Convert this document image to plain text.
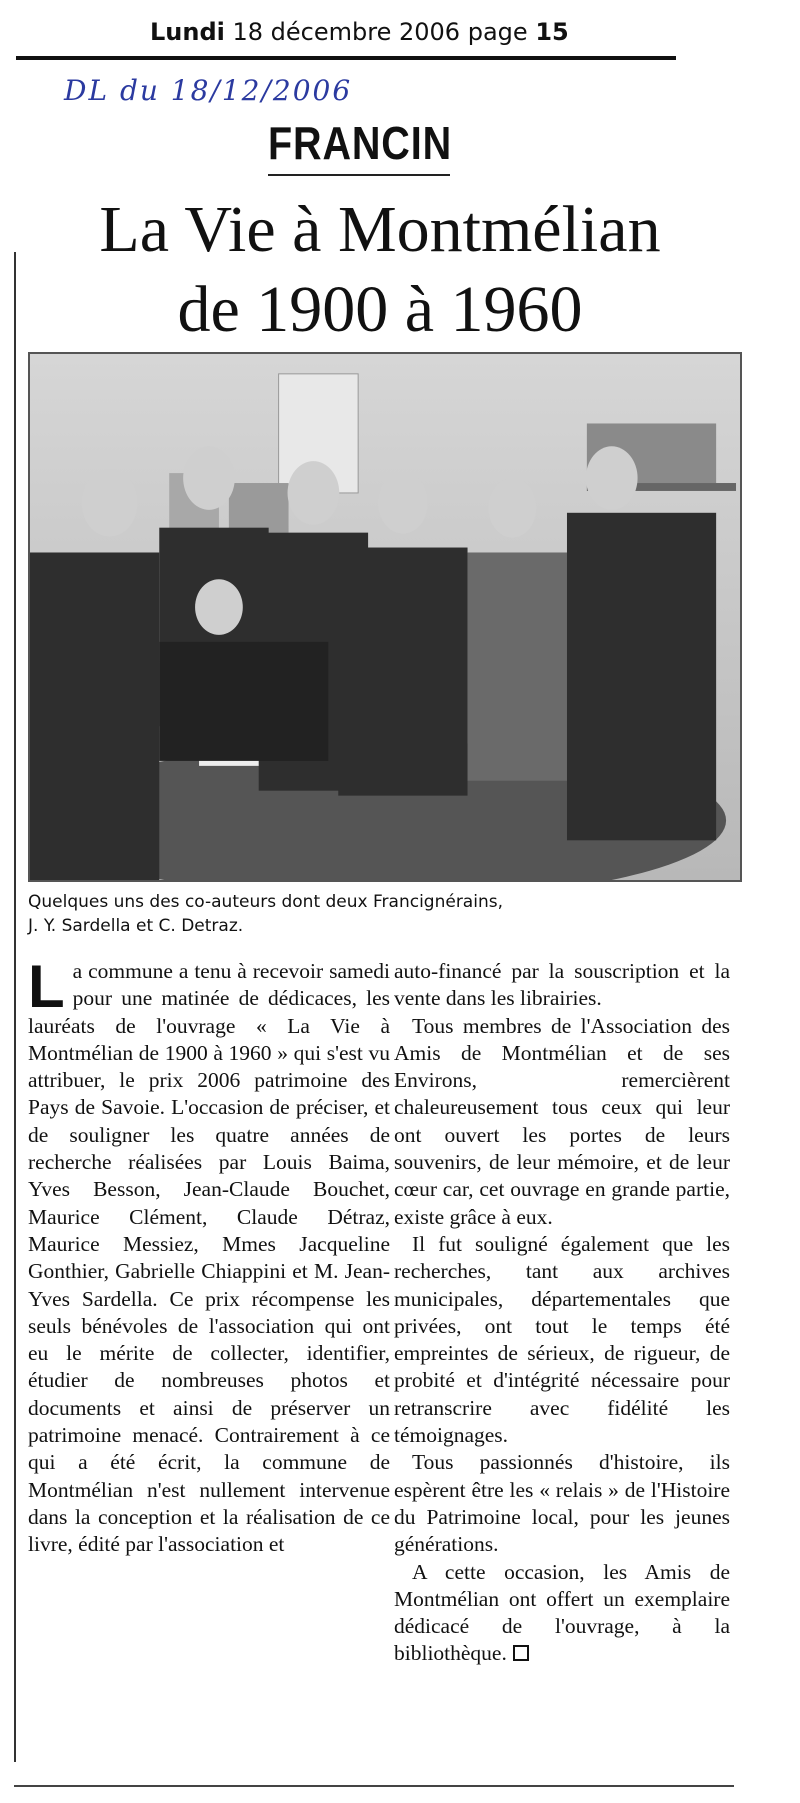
Lundi 18 décembre 2006 page 15
DL du 18/12/2006
FRANCIN
La Vie à Montmélian
de 1900 à 1960
Quelques uns des co-auteurs dont deux Francignérains,
J. Y. Sardella et C. Detraz.
L a commune a tenu à recevoir samedi pour une matinée de dédicaces, les lauréats de l'ouvrage « La Vie à Montmélian de 1900 à 1960 » qui s'est vu attribuer, le prix 2006 patrimoine des Pays de Savoie. L'occasion de préciser, et de souligner les quatre années de recherche réalisées par Louis Baima, Yves Besson, Jean-Claude Bouchet, Maurice Clément, Claude Détraz, Maurice Messiez, Mmes Jacqueline Gonthier, Gabrielle Chiappini et M. Jean-Yves Sardella. Ce prix récompense les seuls bénévoles de l'association qui ont eu le mérite de collecter, identifier, étudier de nombreuses photos et documents et ainsi de préserver un patrimoine menacé. Contrairement à ce qui a été écrit, la commune de Montmélian n'est nullement intervenue dans la conception et la réalisation de ce livre, édité par l'association et

auto-financé par la souscription et la vente dans les librairies.

Tous membres de l'Association des Amis de Montmélian et de ses Environs, remercièrent chaleureusement tous ceux qui leur ont ouvert les portes de leurs souvenirs, de leur mémoire, et de leur cœur car, cet ouvrage en grande partie, existe grâce à eux.

Il fut souligné également que les recherches, tant aux archives municipales, départementales que privées, ont tout le temps été empreintes de sérieux, de rigueur, de probité et d'intégrité nécessaire pour retranscrire avec fidélité les témoignages.

Tous passionnés d'histoire, ils espèrent être les « relais » de l'Histoire du Patrimoine local, pour les jeunes générations.

A cette occasion, les Amis de Montmélian ont offert un exemplaire dédicacé de l'ouvrage, à la bibliothèque.
